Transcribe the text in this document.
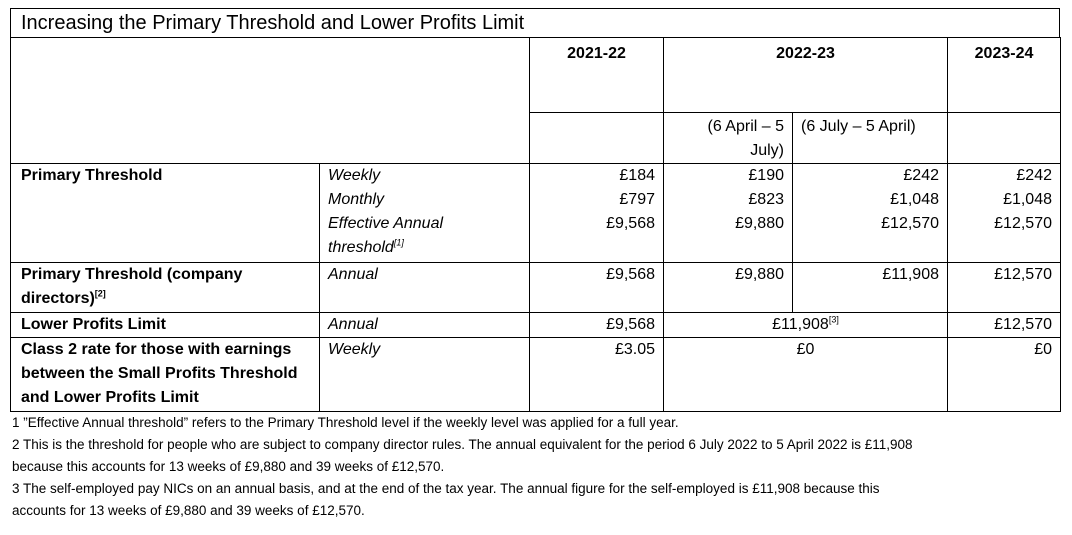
Increasing the Primary Threshold and Lower Profits Limit
		2021-22	2022-23		2023-24
			(6 April – 5 July)	(6 July – 5 April)	
Primary Threshold	Weekly	£184	£190	£242	£242
	Monthly	£797	£823	£1,048	£1,048
	Effective Annual threshold[1]	£9,568	£9,880	£12,570	£12,570
Primary Threshold (company directors)[2]	Annual	£9,568	£9,880	£11,908	£12,570
Lower Profits Limit	Annual	£9,568	£11,908[3]		£12,570
Class 2 rate for those with earnings between the Small Profits Threshold and Lower Profits Limit	Weekly	£3.05	£0		£0
1 ”Effective Annual threshold” refers to the Primary Threshold level if the weekly level was applied for a full year.
2 This is the threshold for people who are subject to company director rules. The annual equivalent for the period 6 July 2022 to 5 April 2022 is £11,908
because this accounts for 13 weeks of £9,880 and 39 weeks of £12,570.
3 The self-employed pay NICs on an annual basis, and at the end of the tax year. The annual figure for the self-employed is £11,908 because this
accounts for 13 weeks of £9,880 and 39 weeks of £12,570.
